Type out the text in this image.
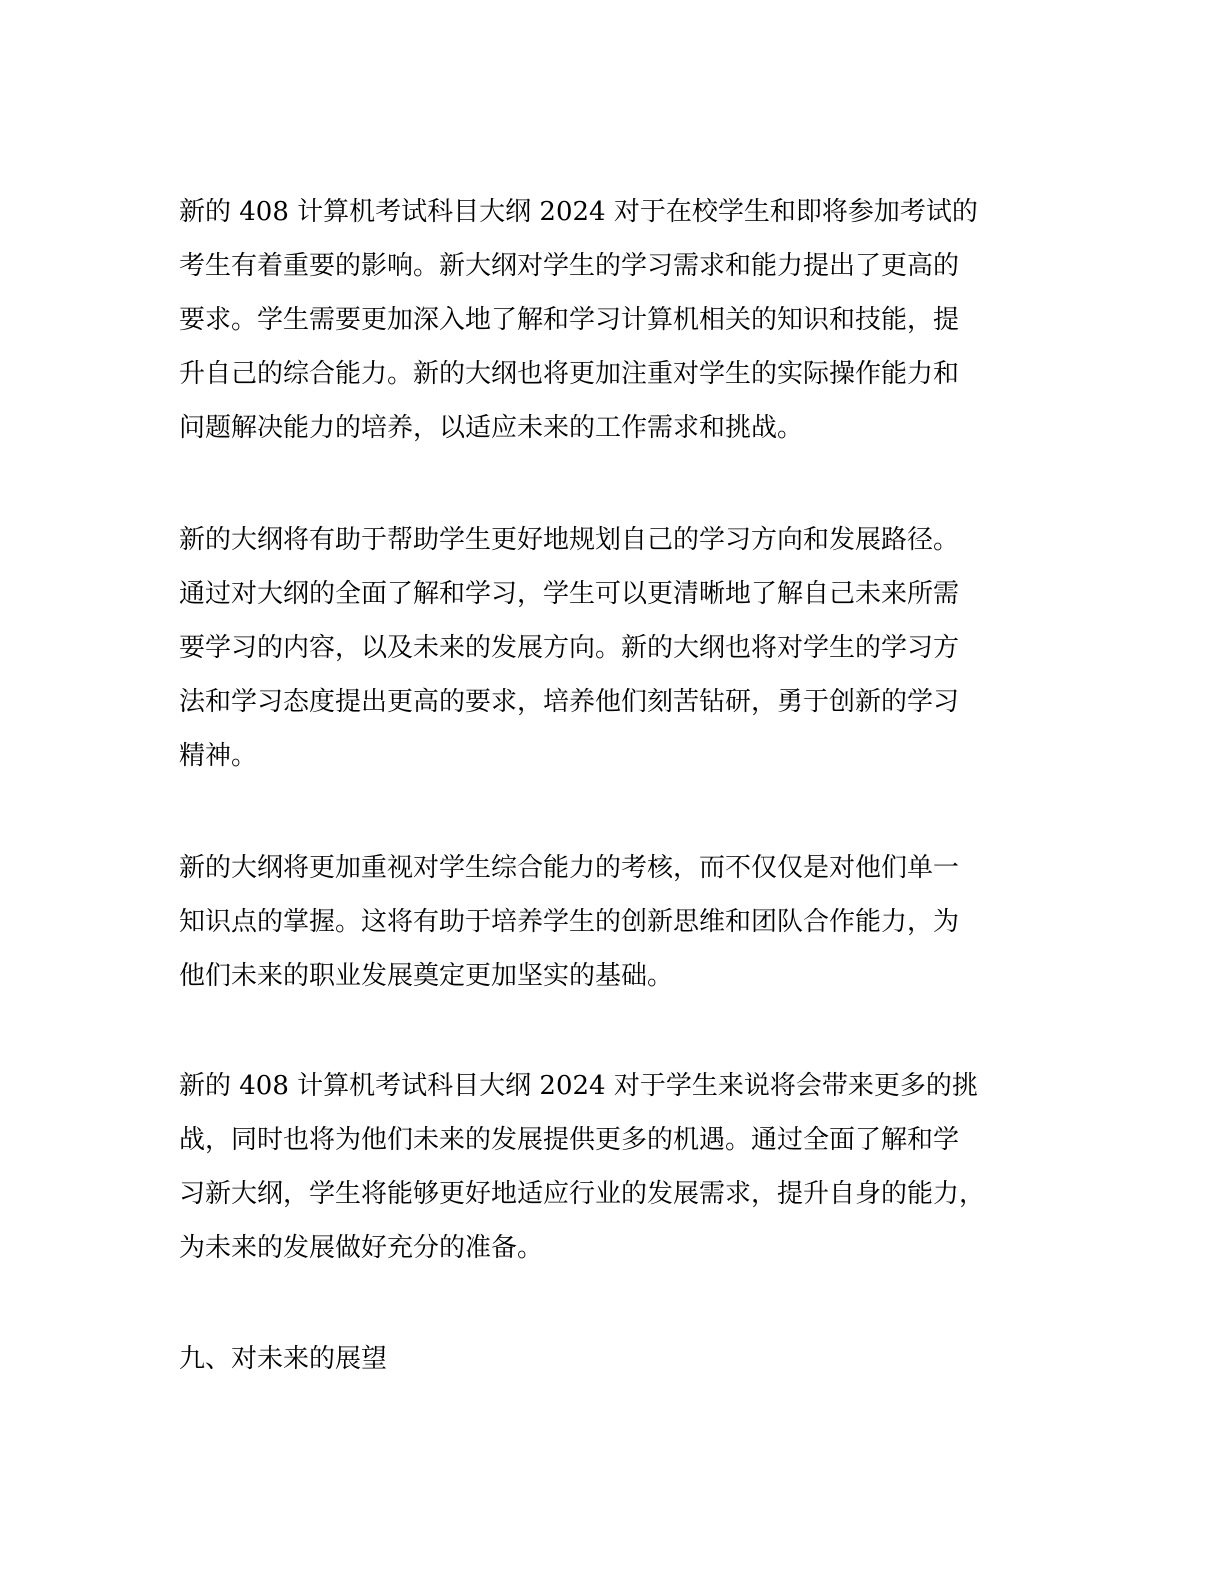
新的 408 计算机考试科目大纲 2024 对于在校学生和即将参加考试的
考生有着重要的影响。新大纲对学生的学习需求和能力提出了更高的
要求。学生需要更加深入地了解和学习计算机相关的知识和技能，提
升自己的综合能力。新的大纲也将更加注重对学生的实际操作能力和
问题解决能力的培养，以适应未来的工作需求和挑战。
新的大纲将有助于帮助学生更好地规划自己的学习方向和发展路径。
通过对大纲的全面了解和学习，学生可以更清晰地了解自己未来所需
要学习的内容，以及未来的发展方向。新的大纲也将对学生的学习方
法和学习态度提出更高的要求，培养他们刻苦钻研，勇于创新的学习
精神。
新的大纲将更加重视对学生综合能力的考核，而不仅仅是对他们单一
知识点的掌握。这将有助于培养学生的创新思维和团队合作能力，为
他们未来的职业发展奠定更加坚实的基础。
新的 408 计算机考试科目大纲 2024 对于学生来说将会带来更多的挑
战，同时也将为他们未来的发展提供更多的机遇。通过全面了解和学
习新大纲，学生将能够更好地适应行业的发展需求，提升自身的能力，
为未来的发展做好充分的准备。
九、对未来的展望
